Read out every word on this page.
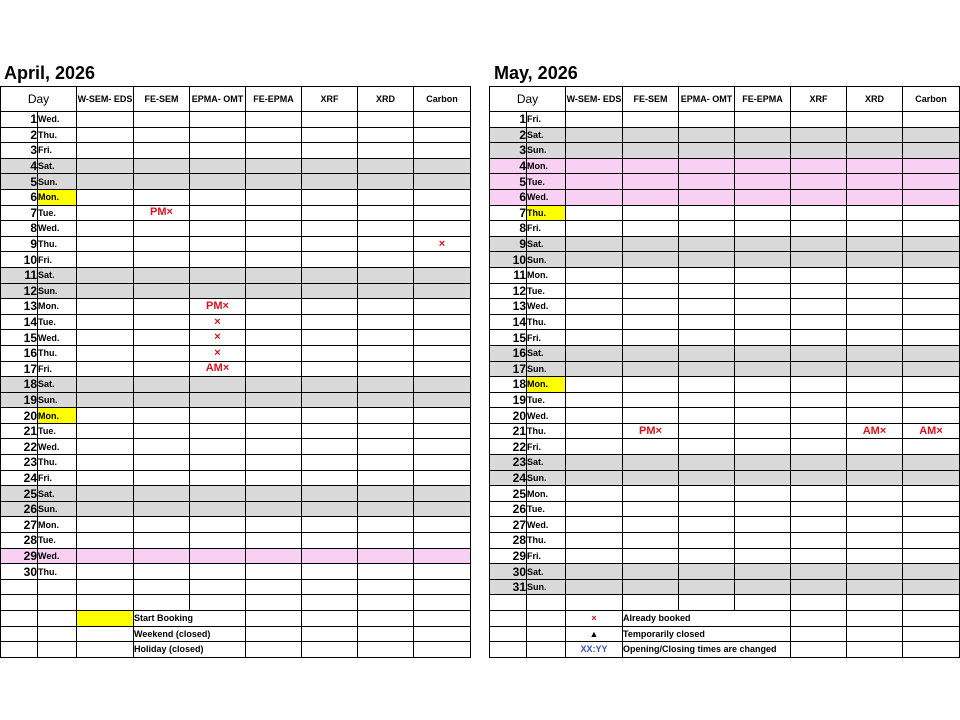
April, 2026
Day		W-SEM- EDS	FE-SEM	EPMA- OMT	FE-EPMA	XRF	XRD	Carbon
1	Wed.							
2	Thu.							
3	Fri.							
4	Sat.							
5	Sun.							
6	Mon.							
7	Tue.		PM×					
8	Wed.							
9	Thu.							×
10	Fri.							
11	Sat.							
12	Sun.							
13	Mon.			PM×				
14	Tue.			×				
15	Wed.			×				
16	Thu.			×				
17	Fri.			AM×				
18	Sat.							
19	Sun.							
20	Mon.							
21	Tue.							
22	Wed.							
23	Thu.							
24	Fri.							
25	Sat.							
26	Sun.							
27	Mon.							
28	Tue.							
29	Wed.							
30	Thu.							

			Start Booking					
			Weekend (closed)					
			Holiday (closed)					
May, 2026
Day		W-SEM- EDS	FE-SEM	EPMA- OMT	FE-EPMA	XRF	XRD	Carbon
1	Fri.							
2	Sat.							
3	Sun.							
4	Mon.							
5	Tue.							
6	Wed.							
7	Thu.							
8	Fri.							
9	Sat.							
10	Sun.							
11	Mon.							
12	Tue.							
13	Wed.							
14	Thu.							
15	Fri.							
16	Sat.							
17	Sun.							
18	Mon.							
19	Tue.							
20	Wed.							
21	Thu.		PM×				AM×	AM×
22	Fri.							
23	Sat.							
24	Sun.							
25	Mon.							
26	Tue.							
27	Wed.							
28	Thu.							
29	Fri.							
30	Sat.							
31	Sun.							

		×	Already booked					
		▲	Temporarily closed					
		XX:YY	Opening/Closing times are changed					
